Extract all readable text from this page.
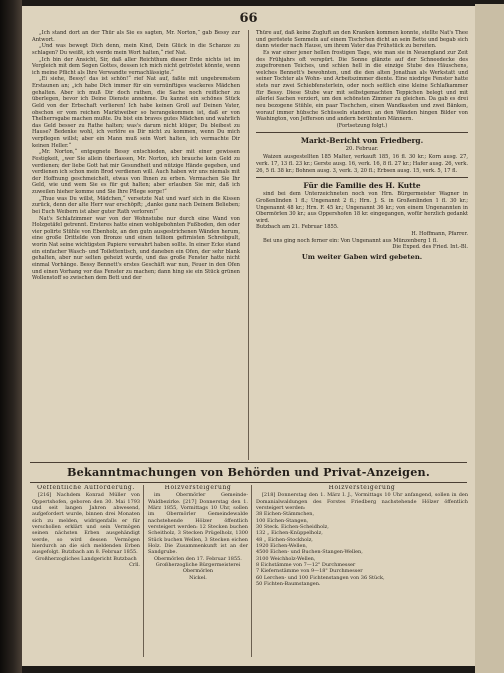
66

„Ich stand dort an der Thür als Sie es sagten, Mr. Norton,“ gab Bessy zur Antwort.

„Und was bewegt Dich denn, mein Kind, Dein Glück in die Schanze zu schlagen? Du weißt, ich werde mein Wort halten,“ rief Nat.

„Ich bin der Ansicht, Sir, daß aller Reichthum dieser Erde nichts ist im Vergleich mit dem Segen Gottes, dessen ich mich nicht getröstet könnte, wenn ich meine Pflicht als Ihre Verwandte vernachlässigte.“

„Ei siehe, Bessy! das ist schön!“ rief Nat auf, faßte mit ungebremstem Erstaunen an; „ich habe Dich immer für ein vernünftiges wackeres Mädchen gehalten. Aber ich muß Dir doch rathen, die Sache noch reiflicher zu überlegen, bevor ich Deine Dienste annehme. Du kannst ein schönes Stück Geld von der Erbschaft verlieren! Ich habe keinen Groll auf Deinen Vater, obschon er vom reichen Marktweiber so herangekommen ist, daß er von Thelherrsgabe machen mußte. Du bist ein braves gutes Mädchen und wahrlich das Geld besser zu Rathe halten; was's darum nicht klüger, Du bleibest zu Hause? Bedenke wohl, ich verlöre es Dir nicht zu kommen, wenn Du mich verpflegen willst; aber ein Mann muß sein Wort halten, ich vermachte Dir keinen Heller.“

„Mr. Norton,“ entgegnete Bessy entschieden, aber mit einer gewissen Festigkeit, „wer Sie allein überlassen, Mr. Norton, ich brauche kein Geld zu verdienen; der liebe Gott hat mir Gesundheit und nützige Hände gegeben, und verdienen ich schon mein Brod verdienen will. Auch haben wir uns niemals mit der Hoffnung geschmeichelt, etwas von Ihnen zu erben. Vermachen Sie Ihr Geld, wie und wem Sie es für gut halten; aber erlauben Sie mir, daß ich zuweilen hieher komme und Sie Ihre Pflege sorge!“

„Thue was Du willst, Mädchen,“ versetzte Nat und warf sich in die Kissen zurück, denn der alte Herr war erschöpft; „danke ganz nach Deinem Belieben; bei Euch Weibern ist aber guter Rath verloren!“

Nat's Schlafzimmer war von der Wohnstube nur durch eine Wand von Holzgetäfel getrennt. Ersteres hatte einen wohlgebohnten Fußboden, den oder vier polirte Stühle von Ebenholz, an den gutn ausgestrichenen Wänden herum, eine große Drittelde von Bronze und einen telliom gefirnisten Schreibpult, worin Nat seine wichtigsten Papiere verwahrt haben sollte. In einer Ecke stand ein einfacher Wasch- und Toilettentisch, und daneben ein Ofen, der sehr blank gehalten, aber nur selten geheizt wurde, und das große Fenster hatte nicht einmal Vorhänge. Bessy Bennett's erstes Geschäft war nun, Feuer in den Ofen und einen Vorhang vor das Fenster zu machen; dann hing sie ein Stück grünen Wollenstoff so zwischen dem Bett und der

Thüre auf, daß keine Zugluft an den Kranken kommen konnte, stellte Nat's Thee und geröstete Semmeln auf einem Tischchen dicht an sein Bette und begab sich dann wieder nach Hause, um ihrem Vater das Frühstück zu bereiten.

Es war einer jener hellen frostigen Tage, wie man sie in Neuengland zur Zeit des Frühjahrs oft verspürt. Die Sonne glänzte auf der Schneedecke des zugefrorenen Teiches, und schien hell in die einzige Stube des Häuschens, welches Bennett's bewohnten, und die den alten Jonathan als Werkstatt und seiner Tochter als Wohn- und Arbeitszimmer diente. Eine niedrige Fenster hatte stets nur zwei Schiebfensterlein, oder noch seitlich eine kleine Schlafkammer für Bessy. Diese Stube war mit selbstgemachten Teppichen belegt und mit allerlei Sachen verziert, um den schönsten Zimmer zu gleichen. Da gab es drei neu bezogene Stühle, ein paar Tischchen, einen Wandkasten und zwei Bänken, worauf immer hübsche Schüsseln standen; an den Wänden hingen Bilder von Washington, von Jefferson und andern berühmten Männern.

(Fortsetzung folgt.)

Markt-Bericht von Friedberg.
20. Februar.

Waizen ausgestellten 185 Malter, verkauft 185, 16 fl. 30 kr.; Korn ausg. 27, verk. 17, 13 fl. 23 kr.; Gerste ausg. 16, verk. 16, 8 fl. 27 kr.; Hafer ausg. 26, verk. 26, 5 fl. 38 kr.; Bohnen ausg. 3, verk. 3, 20 fl.; Erbsen ausg. 15, verk. 5, 17 fl.

Für die Familie des H. Kutte

sind bei dem Unterzeichneten noch von Hrn. Bürgermeister Wagner in Großenlinden 1 fl.; Ungenannt 2 fl.; Hrn. J. S. in Großenlinden 1 fl. 30 kr.; Ungenannt 48 kr.; Hrn. F. 45 kr.; Ungenannt 36 kr.; von einem Ungenannten in Obermörlen 30 kr.; aus Oppershofen 18 kr. eingegangen, wofür herzlich gedankt wird.

Butzbach am 21. Februar 1855.

H. Hoffmann, Pfarrer.

Bei uns ging noch ferner ein: Von Ungenannt aus Münzenberg 1 fl.

Die Exped. des Fried. Int.-Bl.

Um weiter Gaben wird gebeten.
Bekanntmachungen von Behörden und Privat-Anzeigen.

Oeffentliche Aufforderung.

[216] Nachdem Konrad Müller von Oppertshofen, geboren den 30. Mai 1793 und seit langen Jahren abwesend, aufgefordert wurde, binnen drei Monaten sich zu melden, widrigenfalls er für verschollen erklärt und sein Vermögen seinen nächsten Erben ausgehändigt werde, so wird dessen Vermögen hierdurch an die sich meldenden Erben ausgefolgt. Butzbach am 8. Februar 1855.

Großherzogliches Landgericht Butzbach

Crll.

Holzversteigerung

im Obermörler Gemeinde-Waldbezirke. [217] Donnerstag den 1. März 1855, Vormittags 10 Uhr, sollen im Obermörler Gemeindewalde nachstehende Hölzer öffentlich versteigert werden: 12 Stecken buchen Scheitholz, 3 Stecken Prügelholz, 1300 Stück buchen Wellen, 3 Stecken eichen Holz. Die Zusammenkunft ist an der Sandgrube.

Obermörlen den 17. Februar 1855.

Großherzogliche Bürgermeisterei Obermörlen

Nickel.

Holzversteigerung

[218] Donnerstag den 1. März I. J., Vormittags 10 Uhr anfangend, sollen in den Domanialwaldungen des Forstes Friedberg nachstehende Hölzer öffentlich versteigert werden:

38 Eichen-Stämmchen,

100 Eichen-Stangen,

30 Steck. Eichen-Scheidholz,

132 „ Eichen-Knüppelholz,

48 „ Eichen-Stockholz,

1920 Eichen-Wellen,

4500 Eichen- und Buchen-Stangen-Wellen,

3100 Weichholz-Wellen,

8 Eichstämme von 7—12" Durchmesser

7 Kiefernstämme von 9—18" Durchmesser

60 Lerchen- und 100 Fichtenstangen von 36 Stück,

50 Fichten-Baumstangen.
